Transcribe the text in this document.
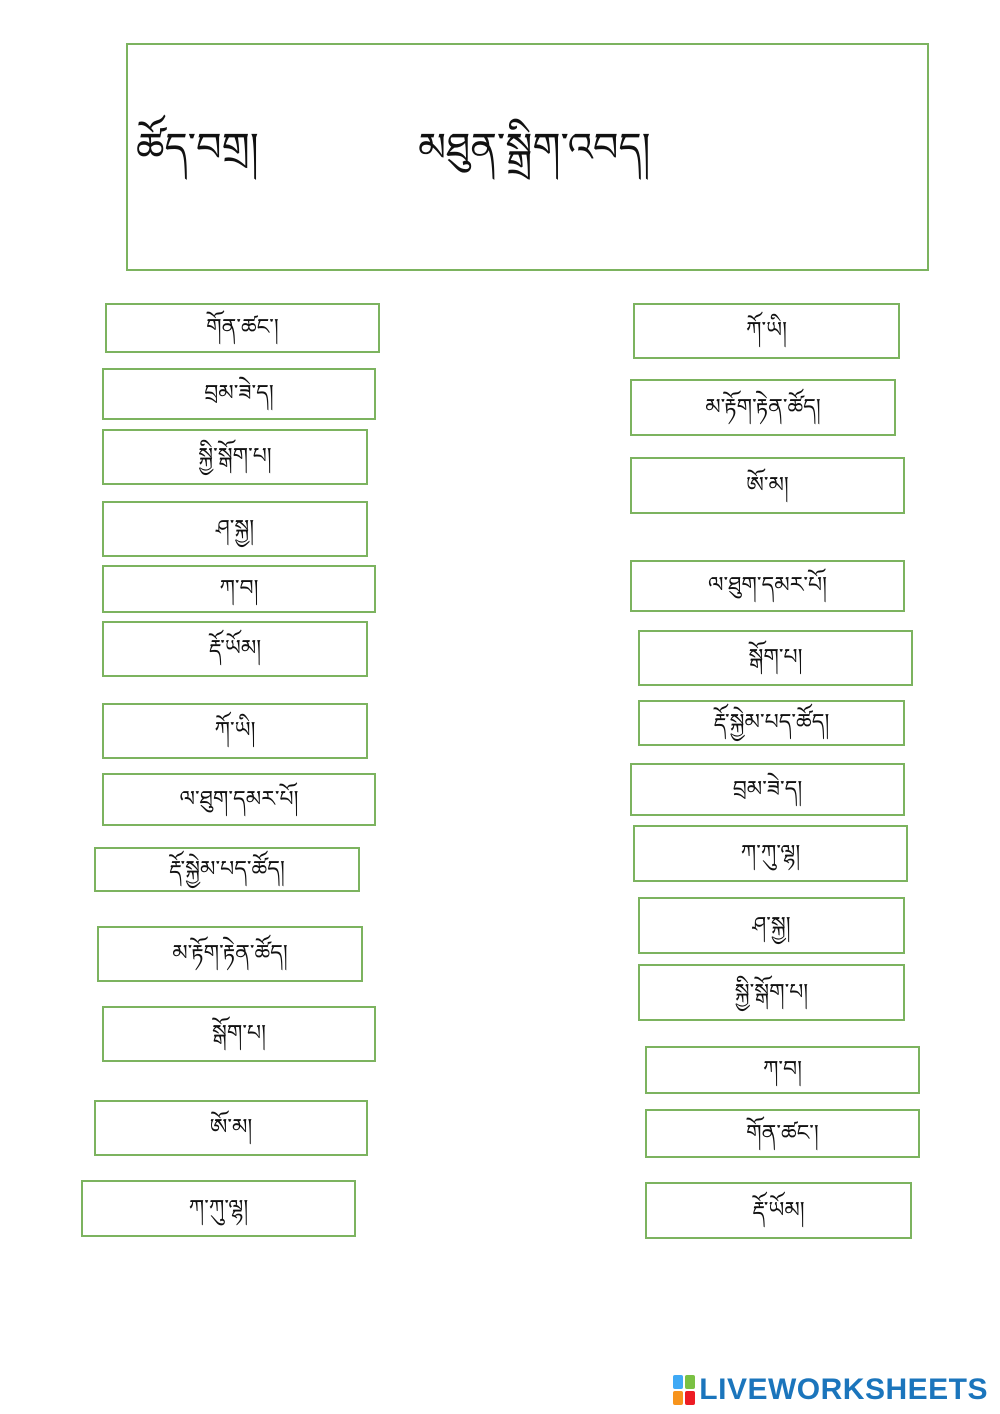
ཚོད་བགྲ།	མཐུན་སྒྲིག་འབད།
གོན་ཚང་།
བྲམ་ཟེ་ད།
སྐྱི་སྒོག་པ།
ཤ་སྐྱ།
ཀ་བ།
རྡོ་ཡོམ།
ཀོ་ཡི།
ལ་ཐུག་དམར་པོ།
རྡོ་སྐྱེམ་པད་ཚོད།
མ་རྟོག་རྟེན་ཚོད།
སྒོག་པ།
ཨོ་མ།
ཀ་ཀུ་ལྷ།
ཀོ་ཡི།
མ་རྟོག་རྟེན་ཚོད།
ཨོ་མ།
ལ་ཐུག་དམར་པོ།
སྒོག་པ།
རྡོ་སྐྱེམ་པད་ཚོད།
བྲམ་ཟེ་ད།
ཀ་ཀུ་ལྷ།
ཤ་སྐྱ།
སྐྱི་སྒོག་པ།
ཀ་བ།
གོན་ཚང་།
རྡོ་ཡོམ།
LIVEWORKSHEETS
